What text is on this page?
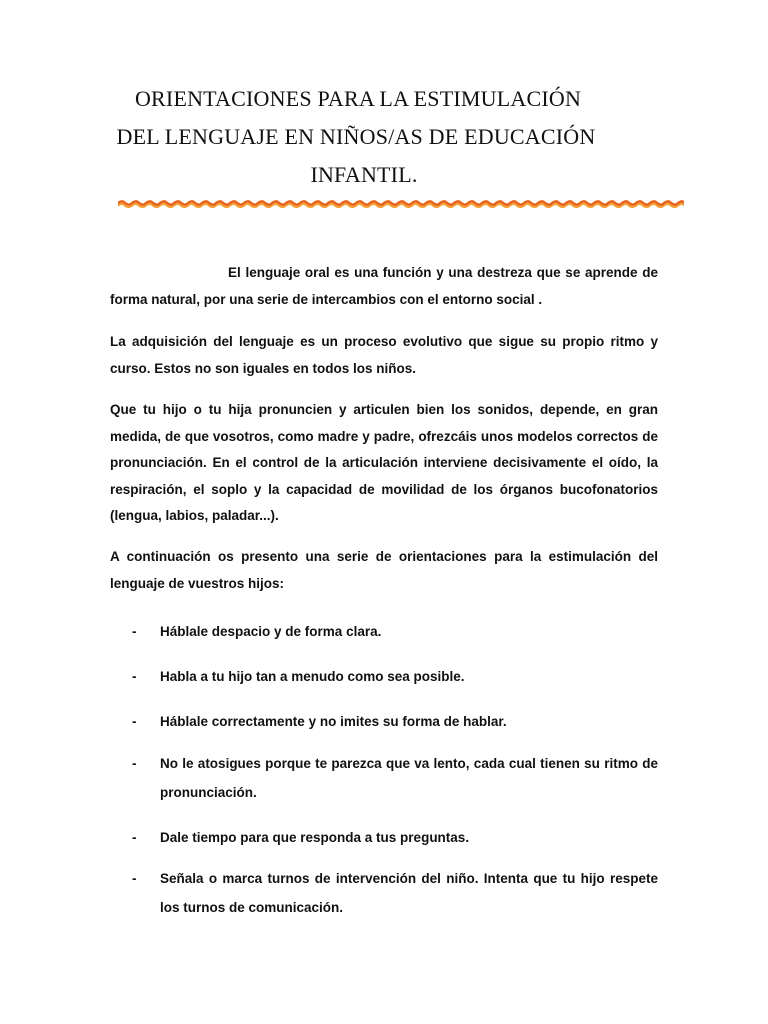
ORIENTACIONES PARA LA ESTIMULACIÓN
DEL LENGUAJE EN NIÑOS/AS DE EDUCACIÓN
INFANTIL.
El lenguaje oral es una función y una destreza que se aprende de forma natural, por una serie de intercambios con el entorno social .
La adquisición del lenguaje es un proceso evolutivo que sigue su propio ritmo y curso. Estos no son iguales en todos los niños.
Que tu hijo o tu hija pronuncien y articulen bien los sonidos, depende, en gran medida, de que vosotros, como madre y padre, ofrezcáis unos modelos correctos de pronunciación. En el control de la articulación interviene decisivamente el oído, la respiración, el soplo y la capacidad de movilidad de los órganos bucofonatorios (lengua, labios, paladar...).
A continuación os presento una serie de orientaciones para la estimulación del lenguaje de vuestros hijos:
- Háblale despacio y de forma clara.
- Habla a tu hijo tan a menudo como sea posible.
- Háblale correctamente y no imites su forma de hablar.
- No le atosigues porque te parezca que va lento, cada cual tienen su ritmo de pronunciación.
- Dale tiempo para que responda a tus preguntas.
- Señala o marca turnos de intervención del niño. Intenta que tu hijo respete los turnos de comunicación.
